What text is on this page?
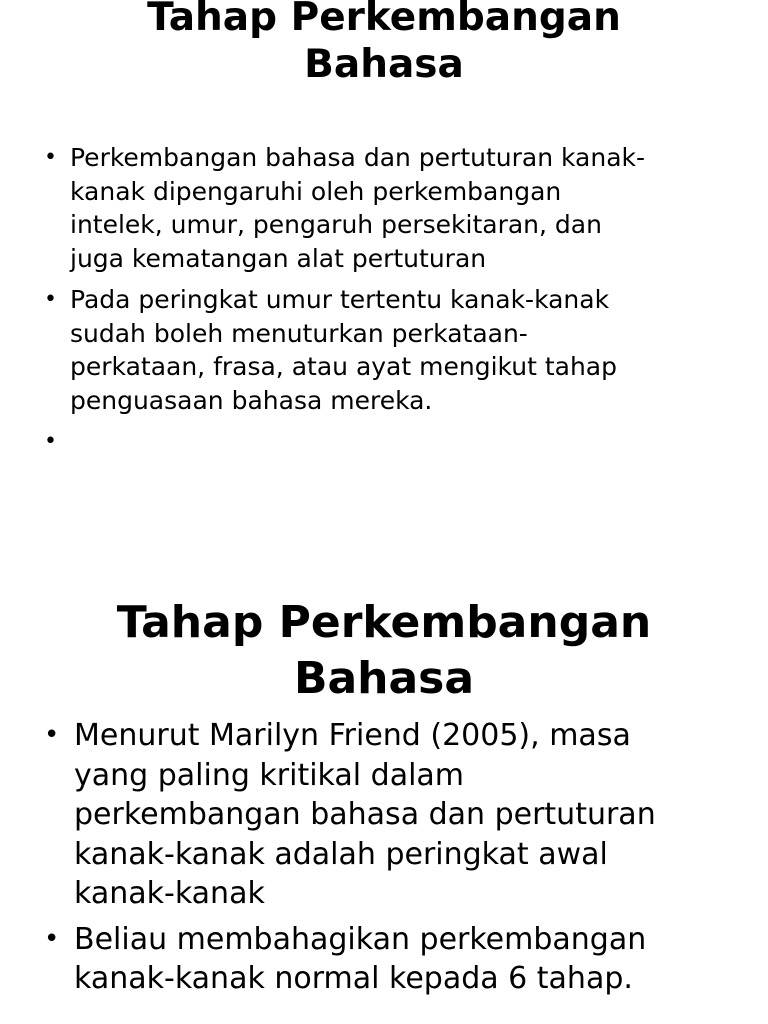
Tahap Perkembangan
Bahasa
• Perkembangan bahasa dan pertuturan kanak-
kanak dipengaruhi oleh perkembangan
intelek, umur, pengaruh persekitaran, dan
juga kematangan alat pertuturan
• Pada peringkat umur tertentu kanak-kanak
sudah boleh menuturkan perkataan-
perkataan, frasa, atau ayat mengikut tahap
penguasaan bahasa mereka.
•

Tahap Perkembangan
Bahasa
• Menurut Marilyn Friend (2005), masa
yang paling kritikal dalam
perkembangan bahasa dan pertuturan
kanak-kanak adalah peringkat awal
kanak-kanak
• Beliau membahagikan perkembangan
kanak-kanak normal kepada 6 tahap.
